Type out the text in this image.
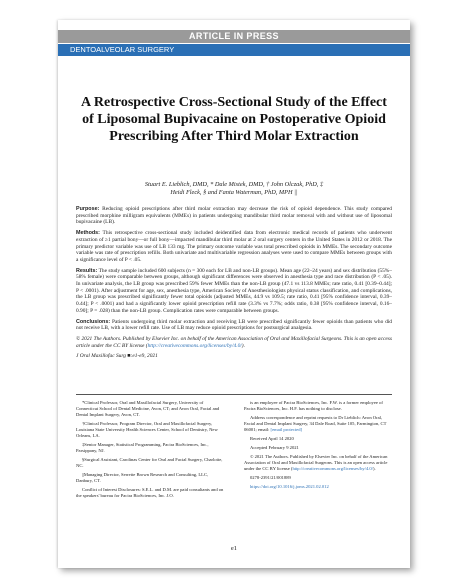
ARTICLE IN PRESS
DENTOALVEOLAR SURGERY
A Retrospective Cross-Sectional Study of the Effect of Liposomal Bupivacaine on Postoperative Opioid Prescribing After Third Molar Extraction
Stuart E. Lieblich, DMD, * Dale Mistek, DMD, † John Olczak, PhD, ‡
Heidi Fleck, § and Fanta Waterman, PhD, MPH ||

Purpose: Reducing opioid prescriptions after third molar extraction may decrease the risk of opioid dependence. This study compared prescribed morphine milligram equivalents (MMEs) in patients undergoing mandibular third molar removal with and without use of liposomal bupivacaine (LB).

Methods: This retrospective cross-sectional study included deidentified data from electronic medical records of patients who underwent extraction of ≥1 partial bony—or full bony—impacted mandibular third molar at 2 oral surgery centers in the United States in 2012 or 2018. The primary predictor variable was use of LB 133 mg. The primary outcome variable was total prescribed opioids in MMEs. The secondary outcome variable was rate of prescription refills. Both univariate and multivariable regression analyses were used to compare MMEs between groups with a significance level of P < .05.

Results: The study sample included 600 subjects (n = 300 each for LB and non-LB groups). Mean age (22–24 years) and sex distribution (55%–58% female) were comparable between groups, although significant differences were observed in anesthesia type and race distribution (P < .05). In univariate analysis, the LB group was prescribed 59% fewer MMEs than the non-LB group (47.1 vs 113.8 MMEs; rate ratio, 0.41 [0.39–0.44]; P < .0001). After adjustment for age, sex, anesthesia type, American Society of Anesthesiologists physical status classification, and complications, the LB group was prescribed significantly fewer total opioids (adjusted MMEs, 44.9 vs 109.5; rate ratio, 0.41 [95% confidence interval, 0.39–0.44]; P < .0001) and had a significantly lower opioid prescription refill rate (3.3% vs 7.7%; odds ratio, 0.38 [95% confidence interval, 0.16–0.90]; P = .028) than the non-LB group. Complication rates were comparable between groups.

Conclusions: Patients undergoing third molar extraction and receiving LB were prescribed significantly fewer opioids than patients who did not receive LB, with a lower refill rate. Use of LB may reduce opioid prescriptions for postsurgical analgesia.

© 2021 The Authors. Published by Elsevier Inc. on behalf of the American Association of Oral and Maxillofacial Surgeons. This is an open access article under the CC BY license (http://creativecommons.org/licenses/by/4.0/).

J Oral Maxillofac Surg ■:e1-e9, 2021

*Clinical Professor, Oral and Maxillofacial Surgery, University of Connecticut School of Dental Medicine, Avon, CT; and Avon Oral, Facial and Dental Implant Surgery, Avon, CT.

†Clinical Professor, Program Director, Oral and Maxillofacial Surgery, Louisiana State University Health Sciences Center, School of Dentistry, New Orleans, LA.

‡Senior Manager, Statistical Programming, Pacira BioSciences, Inc., Parsippany, NJ.

§Surgical Assistant, Carolinas Center for Oral and Facial Surgery, Charlotte, NC.

||Managing Director, Serrette Brown Research and Consulting, LLC, Danbury, CT.

Conflict of Interest Disclosures: S.E.L. and D.M. are paid consultants and on the speakers' bureau for Pacira BioSciences, Inc. J.O.

is an employee of Pacira BioSciences, Inc. F.W. is a former employee of Pacira BioSciences, Inc. H.F. has nothing to disclose.

Address correspondence and reprint requests to Dr Lieblich: Avon Oral, Facial and Dental Implant Surgery, 34 Dale Road, Suite 105, Farmington, CT 06001; email: [email protected]

Received April 14 2020

Accepted February 9 2021

© 2021 The Authors. Published by Elsevier Inc. on behalf of the American Association of Oral and Maxillofacial Surgeons. This is an open access article under the CC BY license (http://creativecommons.org/licenses/by/4.0/).

0278-2391/21/001889

https://doi.org/10.1016/j.joms.2021.02.012

e1
